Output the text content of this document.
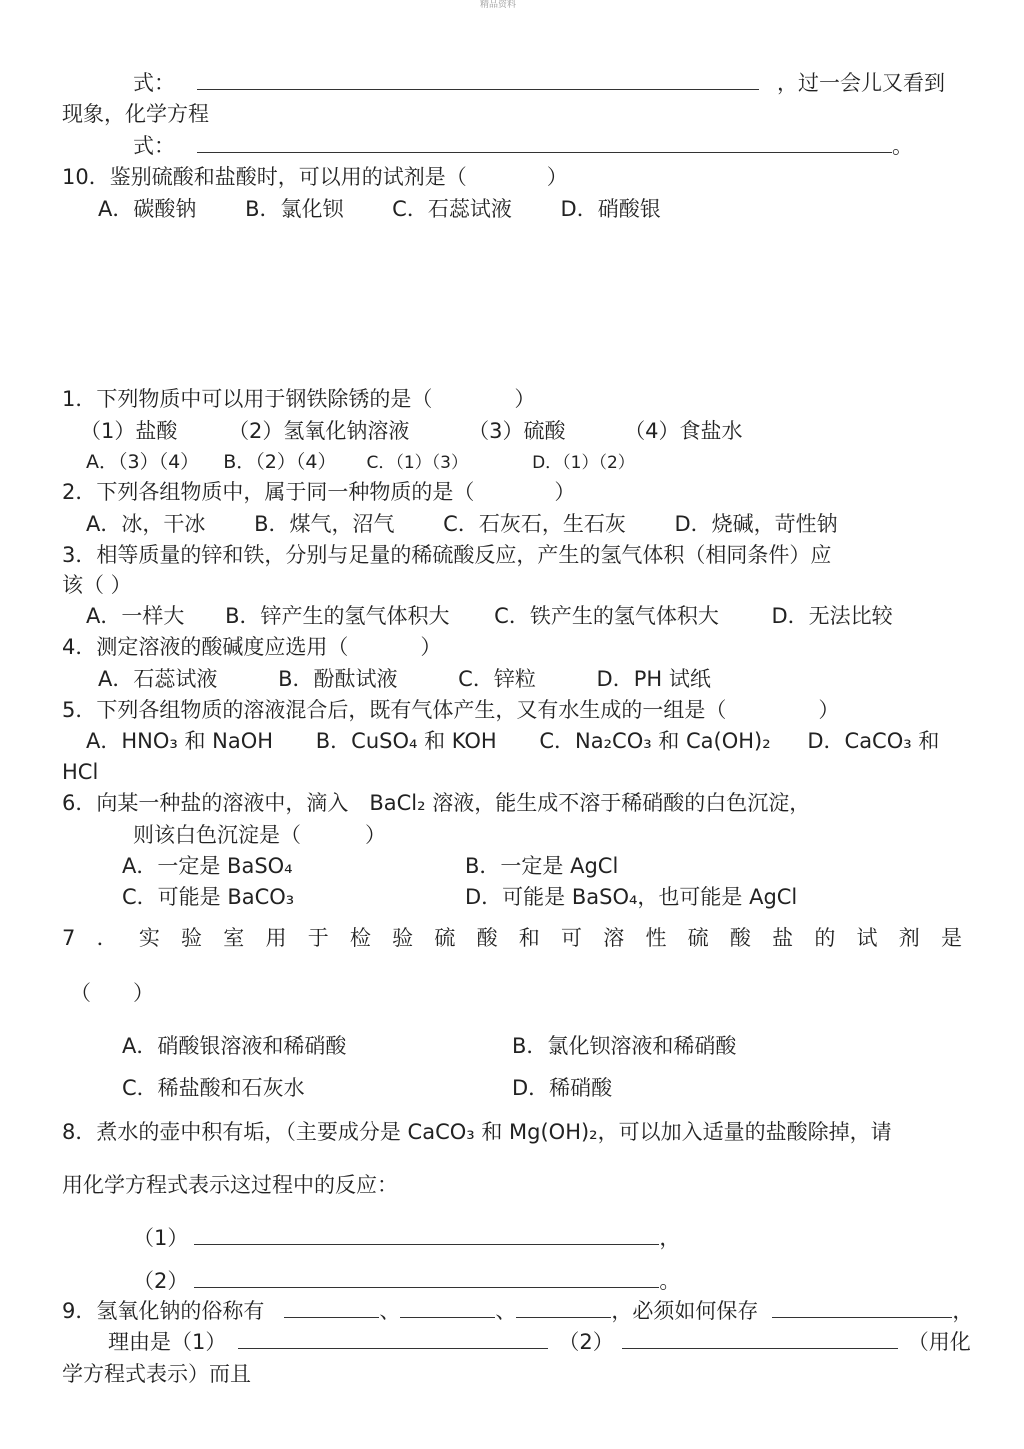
精品资料
式：	，过一会儿又看到
现象，化学方程
式：	。
10．鉴别硫酸和盐酸时，可以用的试剂是（	）
A．碳酸钠 B．氯化钡 C．石蕊试液 D．硝酸银
1．下列物质中可以用于钢铁除锈的是（	）
（1）盐酸 （2）氢氧化钠溶液	（3）硫酸	（4）食盐水
A．（3）（4） B．（2）（4） C．（1）（3）	D．（1）（2）
2．下列各组物质中，属于同一种物质的是（	）
A．冰，干冰 B．煤气，沼气 C．石灰石，生石灰 D．烧碱，苛性钠
3．相等质量的锌和铁，分别与足量的稀硫酸反应，产生的氢气体积（相同条件）应
该（ ）
A．一样大 B．锌产生的氢气体积大 C．铁产生的氢气体积大	D．无法比较
4．测定溶液的酸碱度应选用（	）
A．石蕊试液	B．酚酞试液	C．锌粒	D．PH 试纸
5．下列各组物质的溶液混合后，既有气体产生，又有水生成的一组是（	）
A．HNO₃ 和 NaOH B．CuSO₄ 和 KOH C．Na₂CO₃ 和 Ca(OH)₂ D．CaCO₃ 和
HCl
6．向某一种盐的溶液中，滴入　BaCl₂ 溶液，能生成不溶于稀硝酸的白色沉淀，
则该白色沉淀是（	）
A．一定是 BaSO₄	B．一定是 AgCl
C．可能是 BaCO₃	D．可能是 BaSO₄，也可能是 AgCl
7 ． 实 验 室 用 于 检 验 硫 酸 和 可 溶 性 硫 酸 盐 的 试 剂 是
（　　）
A．硝酸银溶液和稀硝酸	B．氯化钡溶液和稀硝酸
C．稀盐酸和石灰水	D．稀硝酸
8．煮水的壶中积有垢，（主要成分是 CaCO₃ 和 Mg(OH)₂，可以加入适量的盐酸除掉，请
用化学方程式表示这过程中的反应：
（1）	，
（2）	。
9．氢氧化钠的俗称有	、	、	，必须如何保存	，
理由是（1）	（2）	（用化
学方程式表示）而且
